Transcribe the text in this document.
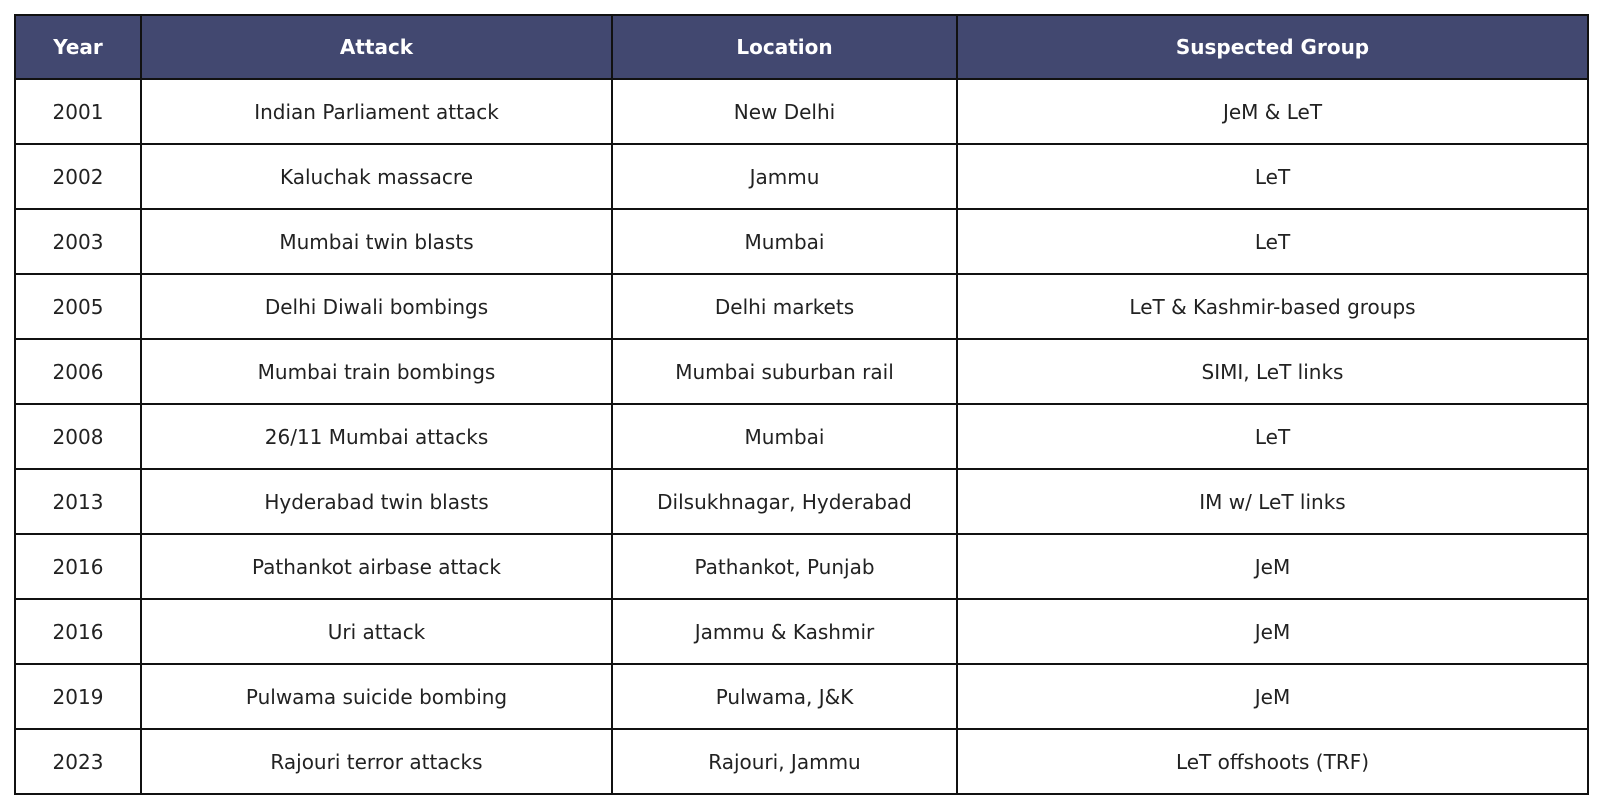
Year	Attack	Location	Suspected Group
2001	Indian Parliament attack	New Delhi	JeM & LeT
2002	Kaluchak massacre	Jammu	LeT
2003	Mumbai twin blasts	Mumbai	LeT
2005	Delhi Diwali bombings	Delhi markets	LeT & Kashmir-based groups
2006	Mumbai train bombings	Mumbai suburban rail	SIMI, LeT links
2008	26/11 Mumbai attacks	Mumbai	LeT
2013	Hyderabad twin blasts	Dilsukhnagar, Hyderabad	IM w/ LeT links
2016	Pathankot airbase attack	Pathankot, Punjab	JeM
2016	Uri attack	Jammu & Kashmir	JeM
2019	Pulwama suicide bombing	Pulwama, J&K	JeM
2023	Rajouri terror attacks	Rajouri, Jammu	LeT offshoots (TRF)
